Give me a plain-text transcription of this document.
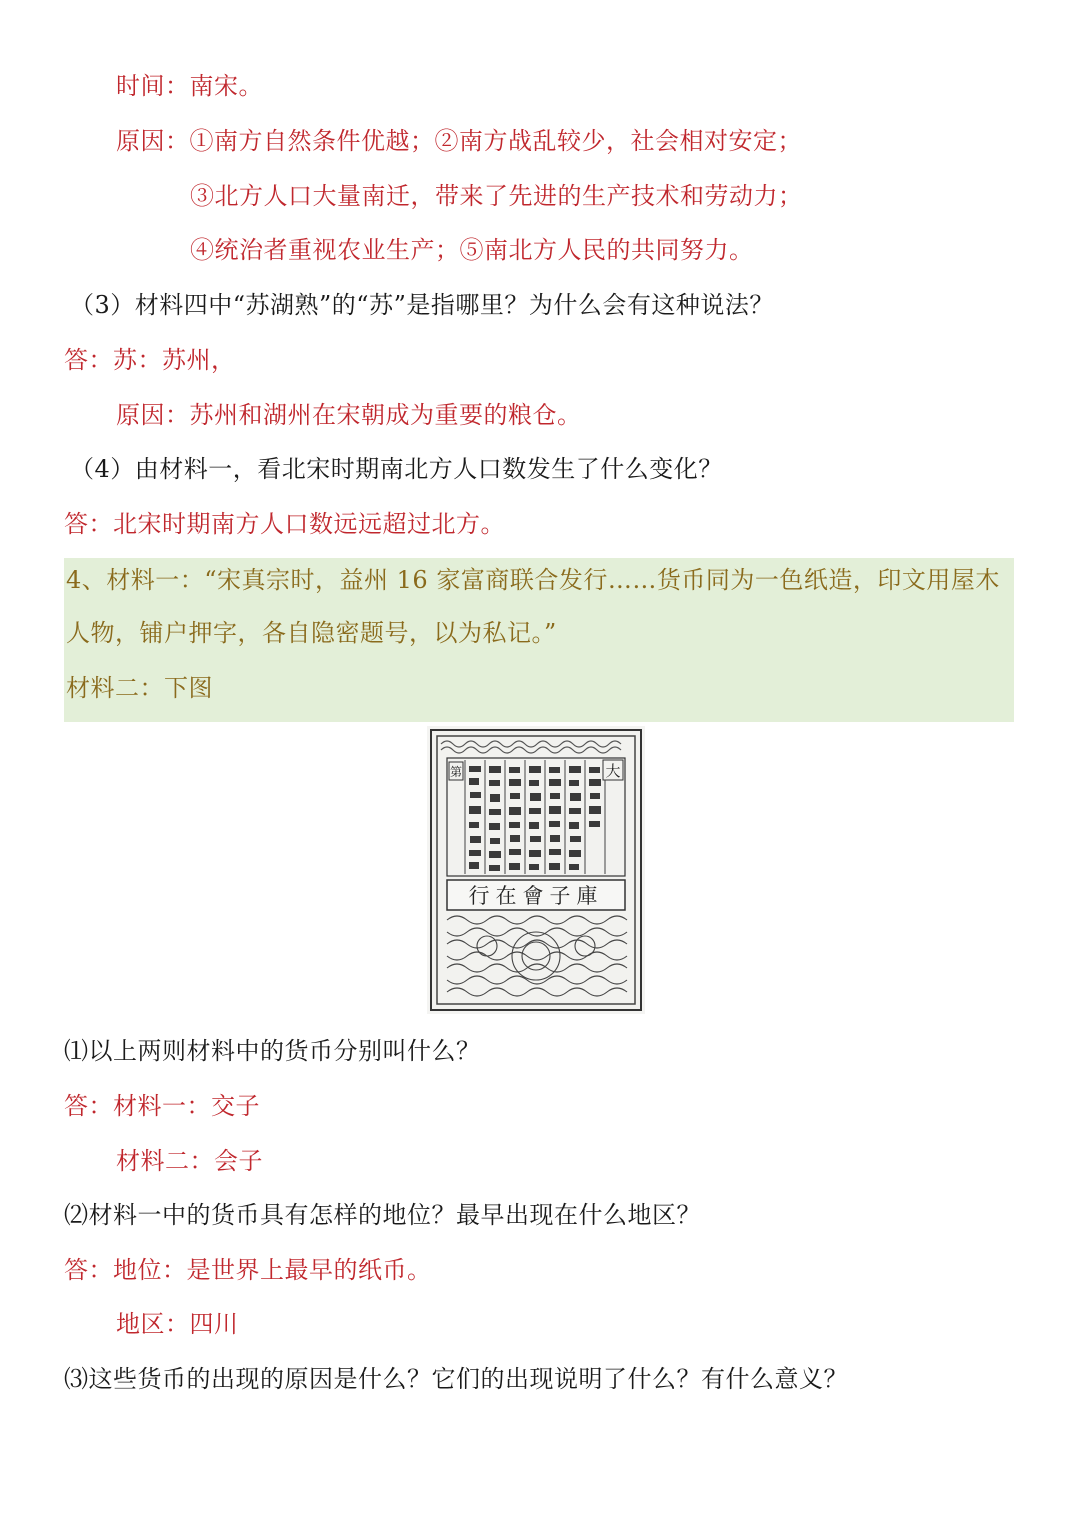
时间：南宋。
原因：①南方自然条件优越；②南方战乱较少，社会相对安定；
③北方人口大量南迁，带来了先进的生产技术和劳动力；
④统治者重视农业生产；⑤南北方人民的共同努力。
（3）材料四中“苏湖熟”的“苏”是指哪里？为什么会有这种说法？
答：苏：苏州，
原因：苏州和湖州在宋朝成为重要的粮仓。
（4）由材料一，看北宋时期南北方人口数发生了什么变化？
答：北宋时期南方人口数远远超过北方。
4、材料一：“宋真宗时，益州 16 家富商联合发行……货币同为一色纸造，印文用屋木
人物，铺户押字，各自隐密题号，以为私记。”
材料二：下图
大
第
行在會子庫
⑴以上两则材料中的货币分别叫什么？
答：材料一：交子
材料二：会子
⑵材料一中的货币具有怎样的地位？最早出现在什么地区？
答：地位：是世界上最早的纸币。
地区：四川
⑶这些货币的出现的原因是什么？它们的出现说明了什么？有什么意义？
